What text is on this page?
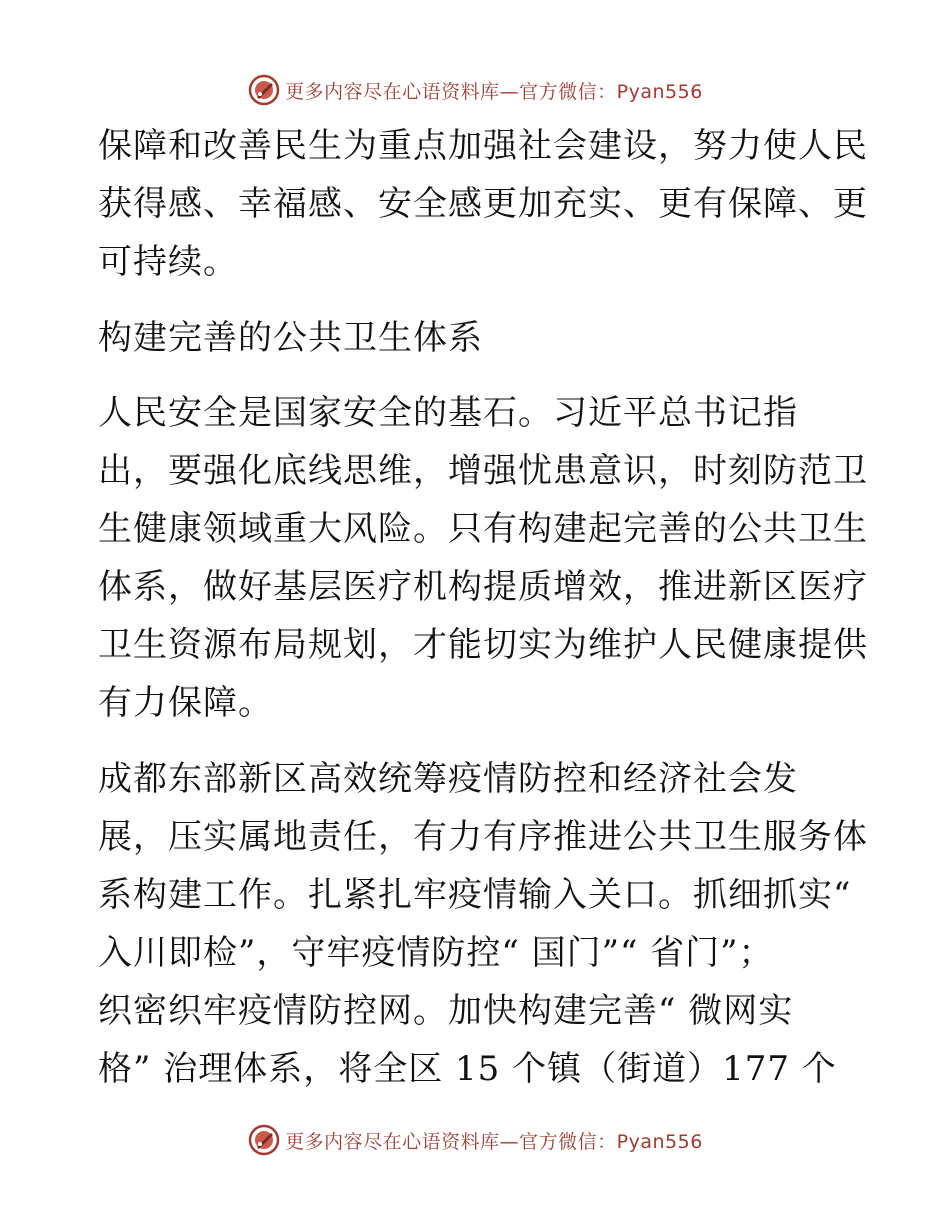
更多内容尽在心语资料库—官方微信：Pyan556
保障和改善民生为重点加强社会建设，努力使人民
获得感、幸福感、安全感更加充实、更有保障、更
可持续。
构建完善的公共卫生体系
人民安全是国家安全的基石。习近平总书记指
出，要强化底线思维，增强忧患意识，时刻防范卫
生健康领域重大风险。只有构建起完善的公共卫生
体系，做好基层医疗机构提质增效，推进新区医疗
卫生资源布局规划，才能切实为维护人民健康提供
有力保障。
成都东部新区高效统筹疫情防控和经济社会发
展，压实属地责任，有力有序推进公共卫生服务体
系构建工作。扎紧扎牢疫情输入关口。抓细抓实“
入川即检”，守牢疫情防控“ 国门”“ 省门”；
织密织牢疫情防控网。加快构建完善“ 微网实
格” 治理体系，将全区 15 个镇（街道）177 个
更多内容尽在心语资料库—官方微信：Pyan556
